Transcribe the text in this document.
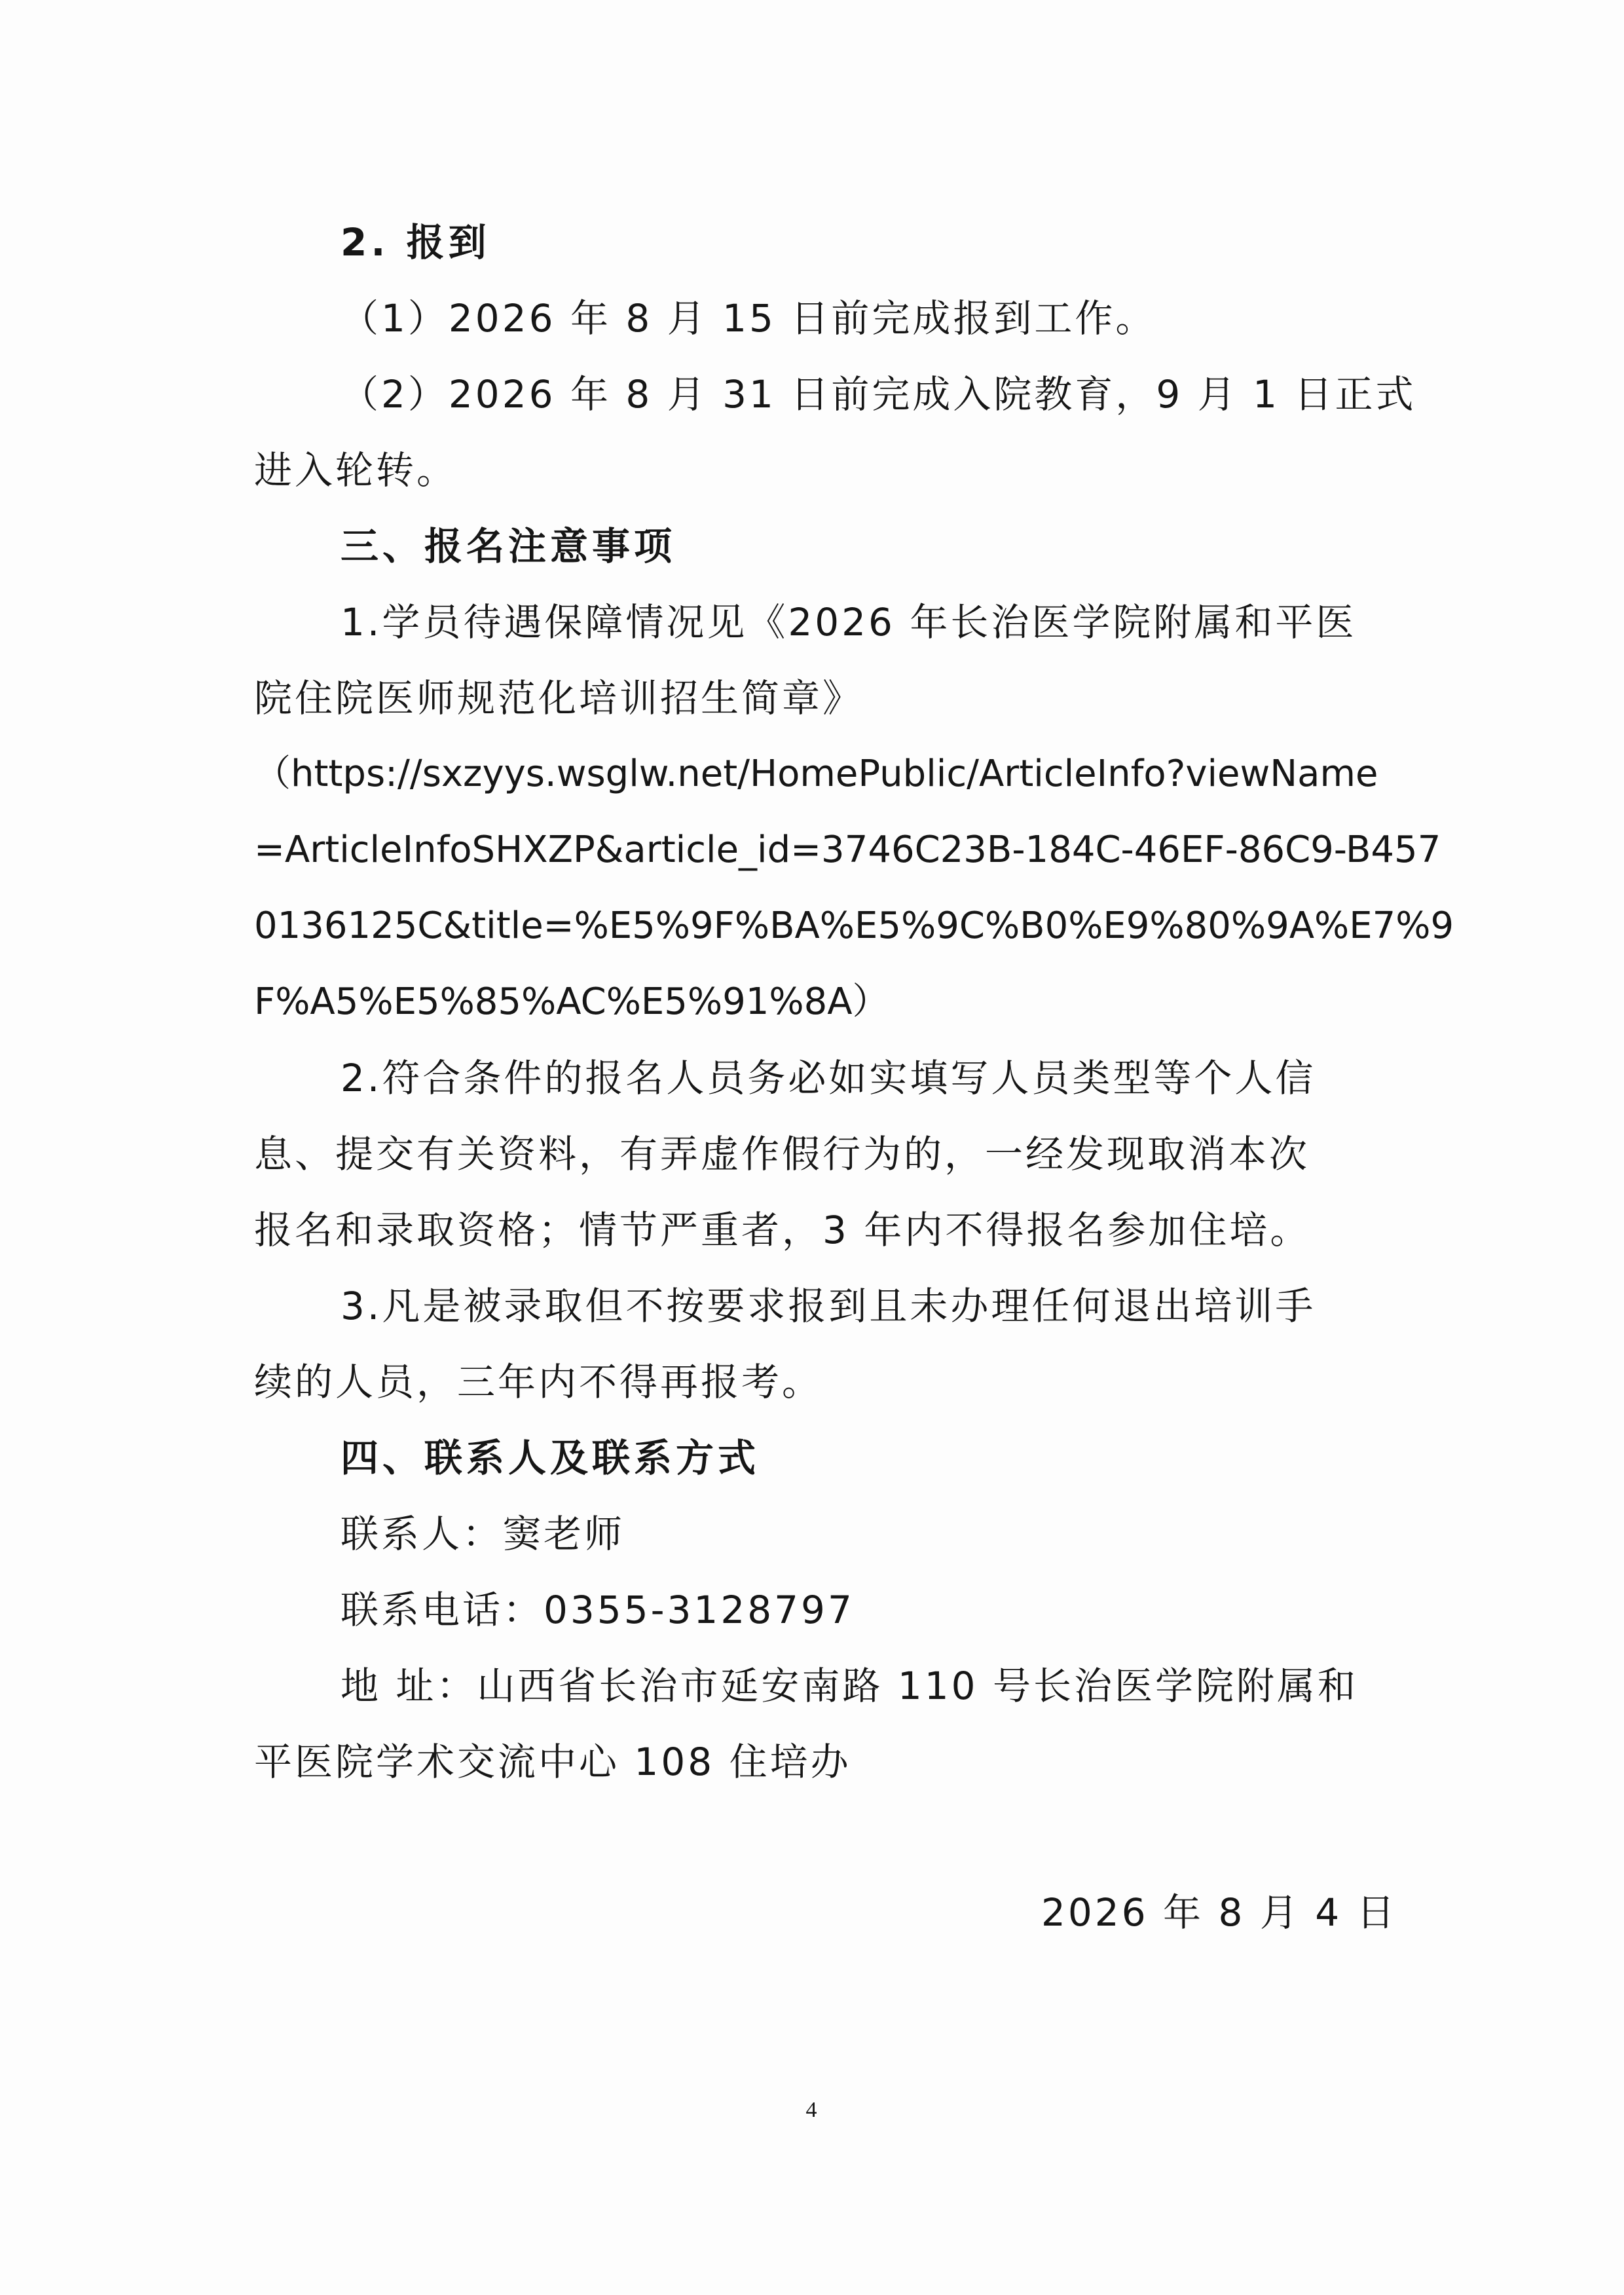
2. 报到
（1）2026 年 8 月 15 日前完成报到工作。
（2）2026 年 8 月 31 日前完成入院教育，9 月 1 日正式
进入轮转。
三、报名注意事项
1.学员待遇保障情况见《2026 年长治医学院附属和平医
院住院医师规范化培训招生简章》
（https://sxzyys.wsglw.net/HomePublic/ArticleInfo?viewName
=ArticleInfoSHXZP&article_id=3746C23B-184C-46EF-86C9-B457
0136125C&title=%E5%9F%BA%E5%9C%B0%E9%80%9A%E7%9
F%A5%E5%85%AC%E5%91%8A）
2.符合条件的报名人员务必如实填写人员类型等个人信
息、提交有关资料，有弄虚作假行为的，一经发现取消本次
报名和录取资格；情节严重者，3 年内不得报名参加住培。
3.凡是被录取但不按要求报到且未办理任何退出培训手
续的人员，三年内不得再报考。
四、联系人及联系方式
联系人：窦老师
联系电话：0355-3128797
地 址：山西省长治市延安南路 110 号长治医学院附属和
平医院学术交流中心 108 住培办
2026 年 8 月 4 日
4
